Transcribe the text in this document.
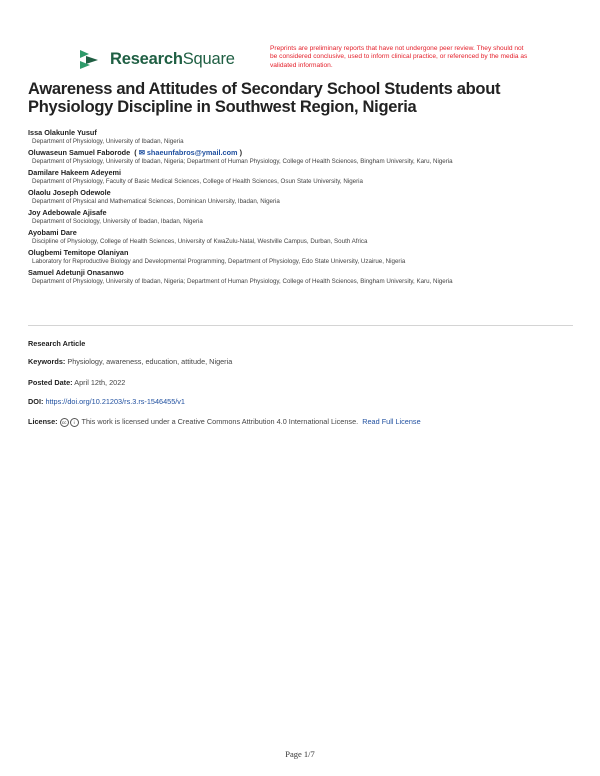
ResearchSquare
Preprints are preliminary reports that have not undergone peer review. They should not be considered conclusive, used to inform clinical practice, or referenced by the media as validated information.
Awareness and Attitudes of Secondary School Students about Physiology Discipline in Southwest Region, Nigeria
Issa Olakunle Yusuf
Department of Physiology, University of Ibadan, Nigeria
Oluwaseun Samuel Faborode  ( ✉ shaeunfabros@ymail.com )
Department of Physiology, University of Ibadan, Nigeria; Department of Human Physiology, College of Health Sciences, Bingham University, Karu, Nigeria
Damilare Hakeem Adeyemi
Department of Physiology, Faculty of Basic Medical Sciences, College of Health Sciences, Osun State University, Nigeria
Olaolu Joseph Odewole
Department of Physical and Mathematical Sciences, Dominican University, Ibadan, Nigeria
Joy Adebowale Ajisafe
Department of Sociology, University of Ibadan, Ibadan, Nigeria
Ayobami Dare
Discipline of Physiology, College of Health Sciences, University of KwaZulu-Natal, Westville Campus, Durban, South Africa
Olugbemi Temitope Olaniyan
Laboratory for Reproductive Biology and Developmental Programming, Department of Physiology, Edo State University, Uzairue, Nigeria
Samuel Adetunji Onasanwo
Department of Physiology, University of Ibadan, Nigeria; Department of Human Physiology, College of Health Sciences, Bingham University, Karu, Nigeria
Research Article
Keywords: Physiology, awareness, education, attitude, Nigeria
Posted Date: April 12th, 2022
DOI: https://doi.org/10.21203/rs.3.rs-1546455/v1
License: cc i This work is licensed under a Creative Commons Attribution 4.0 International License. Read Full License
Page 1/7
